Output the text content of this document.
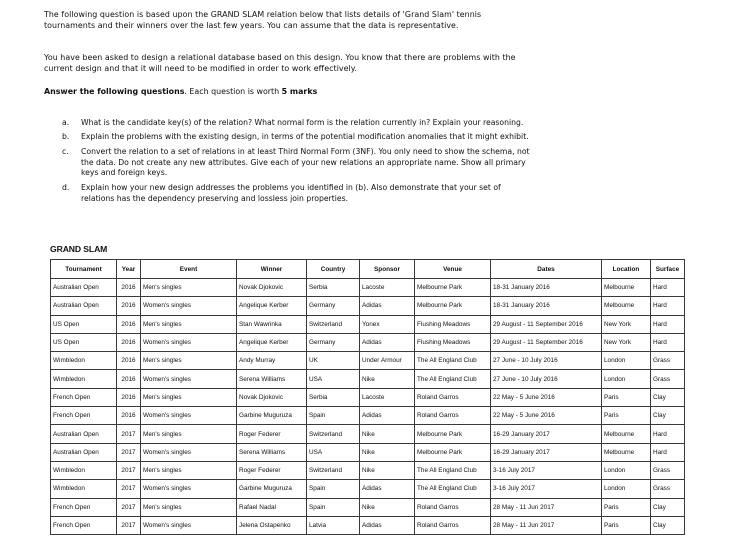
The following question is based upon the GRAND SLAM relation below that lists details of 'Grand Slam' tennis tournaments and their winners over the last few years. You can assume that the data is representative.
You have been asked to design a relational database based on this design. You know that there are problems with the current design and that it will need to be modified in order to work effectively.
Answer the following questions. Each question is worth 5 marks
a.	What is the candidate key(s) of the relation? What normal form is the relation currently in? Explain your reasoning.
b.	Explain the problems with the existing design, in terms of the potential modification anomalies that it might exhibit.
c.	Convert the relation to a set of relations in at least Third Normal Form (3NF). You only need to show the schema, not the data. Do not create any new attributes. Give each of your new relations an appropriate name. Show all primary keys and foreign keys.
d.	Explain how your new design addresses the problems you identified in (b). Also demonstrate that your set of relations has the dependency preserving and lossless join properties.
GRAND SLAM
Tournament	Year	Event	Winner	Country	Sponsor	Venue	Dates	Location	Surface
Australian Open	2016	Men's singles	Novak Djokovic	Serbia	Lacoste	Melbourne Park	18-31 January 2016	Melbourne	Hard
Australian Open	2016	Women's singles	Angelique Kerber	Germany	Adidas	Melbourne Park	18-31 January 2016	Melbourne	Hard
US Open	2016	Men's singles	Stan Wawrinka	Switzerland	Yonex	Flushing Meadows	29 August - 11 September 2016	New York	Hard
US Open	2016	Women's singles	Angelique Kerber	Germany	Adidas	Flushing Meadows	29 August - 11 September 2016	New York	Hard
Wimbledon	2016	Men's singles	Andy Murray	UK	Under Armour	The All England Club	27 June - 10 July 2016	London	Grass
Wimbledon	2016	Women's singles	Serena Williams	USA	Nike	The All England Club	27 June - 10 July 2016	London	Grass
French Open	2016	Men's singles	Novak Djokovic	Serbia	Lacoste	Roland Garros	22 May - 5 June 2016	Paris	Clay
French Open	2016	Women's singles	Garbine Muguruza	Spain	Adidas	Roland Garros	22 May - 5 June 2016	Paris	Clay
Australian Open	2017	Men's singles	Roger Federer	Switzerland	Nike	Melbourne Park	16-29 January 2017	Melbourne	Hard
Australian Open	2017	Women's singles	Serena Williams	USA	Nike	Melbourne Park	16-29 January 2017	Melbourne	Hard
Wimbledon	2017	Men's singles	Roger Federer	Switzerland	Nike	The All England Club	3-16 July 2017	London	Grass
Wimbledon	2017	Women's singles	Garbine Muguruza	Spain	Adidas	The All England Club	3-16 July 2017	London	Grass
French Open	2017	Men's singles	Rafael Nadal	Spain	Nike	Roland Garros	28 May - 11 Jun 2017	Paris	Clay
French Open	2017	Women's singles	Jelena Ostapenko	Latvia	Adidas	Roland Garros	28 May - 11 Jun 2017	Paris	Clay
